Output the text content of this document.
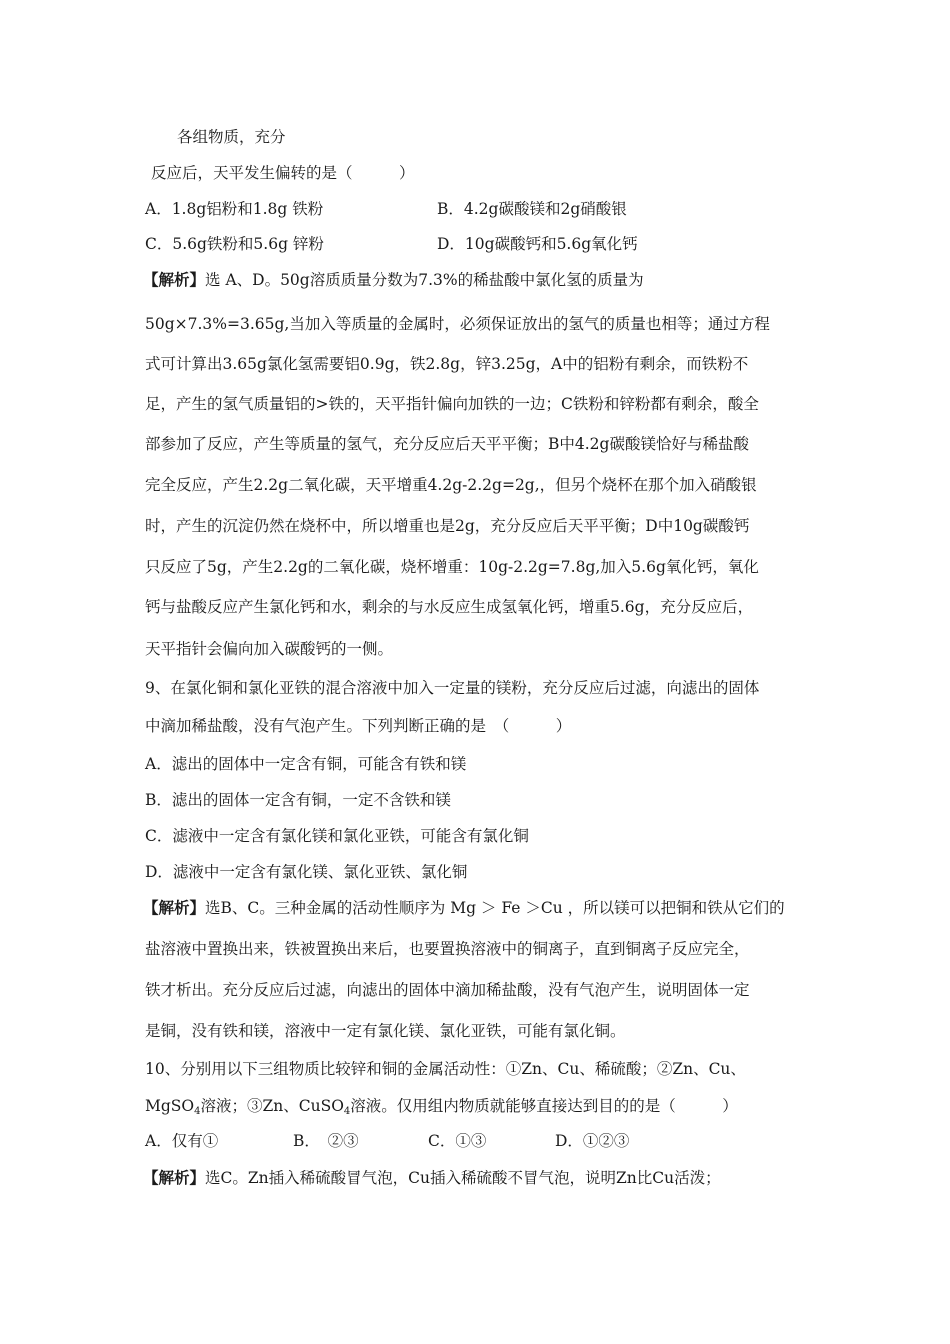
各组物质，充分
反应后，天平发生偏转的是（　　　）
A．1.8g铝粉和1.8g 铁粉	B．4.2g碳酸镁和2g硝酸银
C．5.6g铁粉和5.6g 锌粉	D．10g碳酸钙和5.6g氧化钙
【解析】选 A、D。50g溶质质量分数为7.3%的稀盐酸中氯化氢的质量为
50g×7.3%=3.65g,当加入等质量的金属时，必须保证放出的氢气的质量也相等；通过方程
式可计算出3.65g氯化氢需要铝0.9g，铁2.8g，锌3.25g，A中的铝粉有剩余，而铁粉不
足，产生的氢气质量铝的>铁的，天平指针偏向加铁的一边；C铁粉和锌粉都有剩余，酸全
部参加了反应，产生等质量的氢气，充分反应后天平平衡；B中4.2g碳酸镁恰好与稀盐酸
完全反应，产生2.2g二氧化碳，天平增重4.2g-2.2g=2g,，但另个烧杯在那个加入硝酸银
时，产生的沉淀仍然在烧杯中，所以增重也是2g，充分反应后天平平衡；D中10g碳酸钙
只反应了5g，产生2.2g的二氧化碳，烧杯增重：10g-2.2g=7.8g,加入5.6g氧化钙，氧化
钙与盐酸反应产生氯化钙和水，剩余的与水反应生成氢氧化钙，增重5.6g，充分反应后，
天平指针会偏向加入碳酸钙的一侧。
9、在氯化铜和氯化亚铁的混合溶液中加入一定量的镁粉，充分反应后过滤，向滤出的固体
中滴加稀盐酸，没有气泡产生。下列判断正确的是　（　　　）
A．滤出的固体中一定含有铜，可能含有铁和镁
B．滤出的固体一定含有铜，一定不含铁和镁
C．滤液中一定含有氯化镁和氯化亚铁，可能含有氯化铜
D．滤液中一定含有氯化镁、氯化亚铁、氯化铜
【解析】选B、C。三种金属的活动性顺序为 Mg ＞ Fe ＞Cu ，所以镁可以把铜和铁从它们的
盐溶液中置换出来，铁被置换出来后，也要置换溶液中的铜离子，直到铜离子反应完全，
铁才析出。充分反应后过滤，向滤出的固体中滴加稀盐酸，没有气泡产生，说明固体一定
是铜，没有铁和镁，溶液中一定有氯化镁、氯化亚铁，可能有氯化铜。
10、分别用以下三组物质比较锌和铜的金属活动性：①Zn、Cu、稀硫酸；②Zn、Cu、
MgSO$_4$溶液；③Zn、CuSO$_4$溶液。仅用组内物质就能够直接达到目的的是（　　　）
A．仅有①	B．　②③	C．①③	D．①②③
【解析】选C。Zn插入稀硫酸冒气泡，Cu插入稀硫酸不冒气泡，说明Zn比Cu活泼；
